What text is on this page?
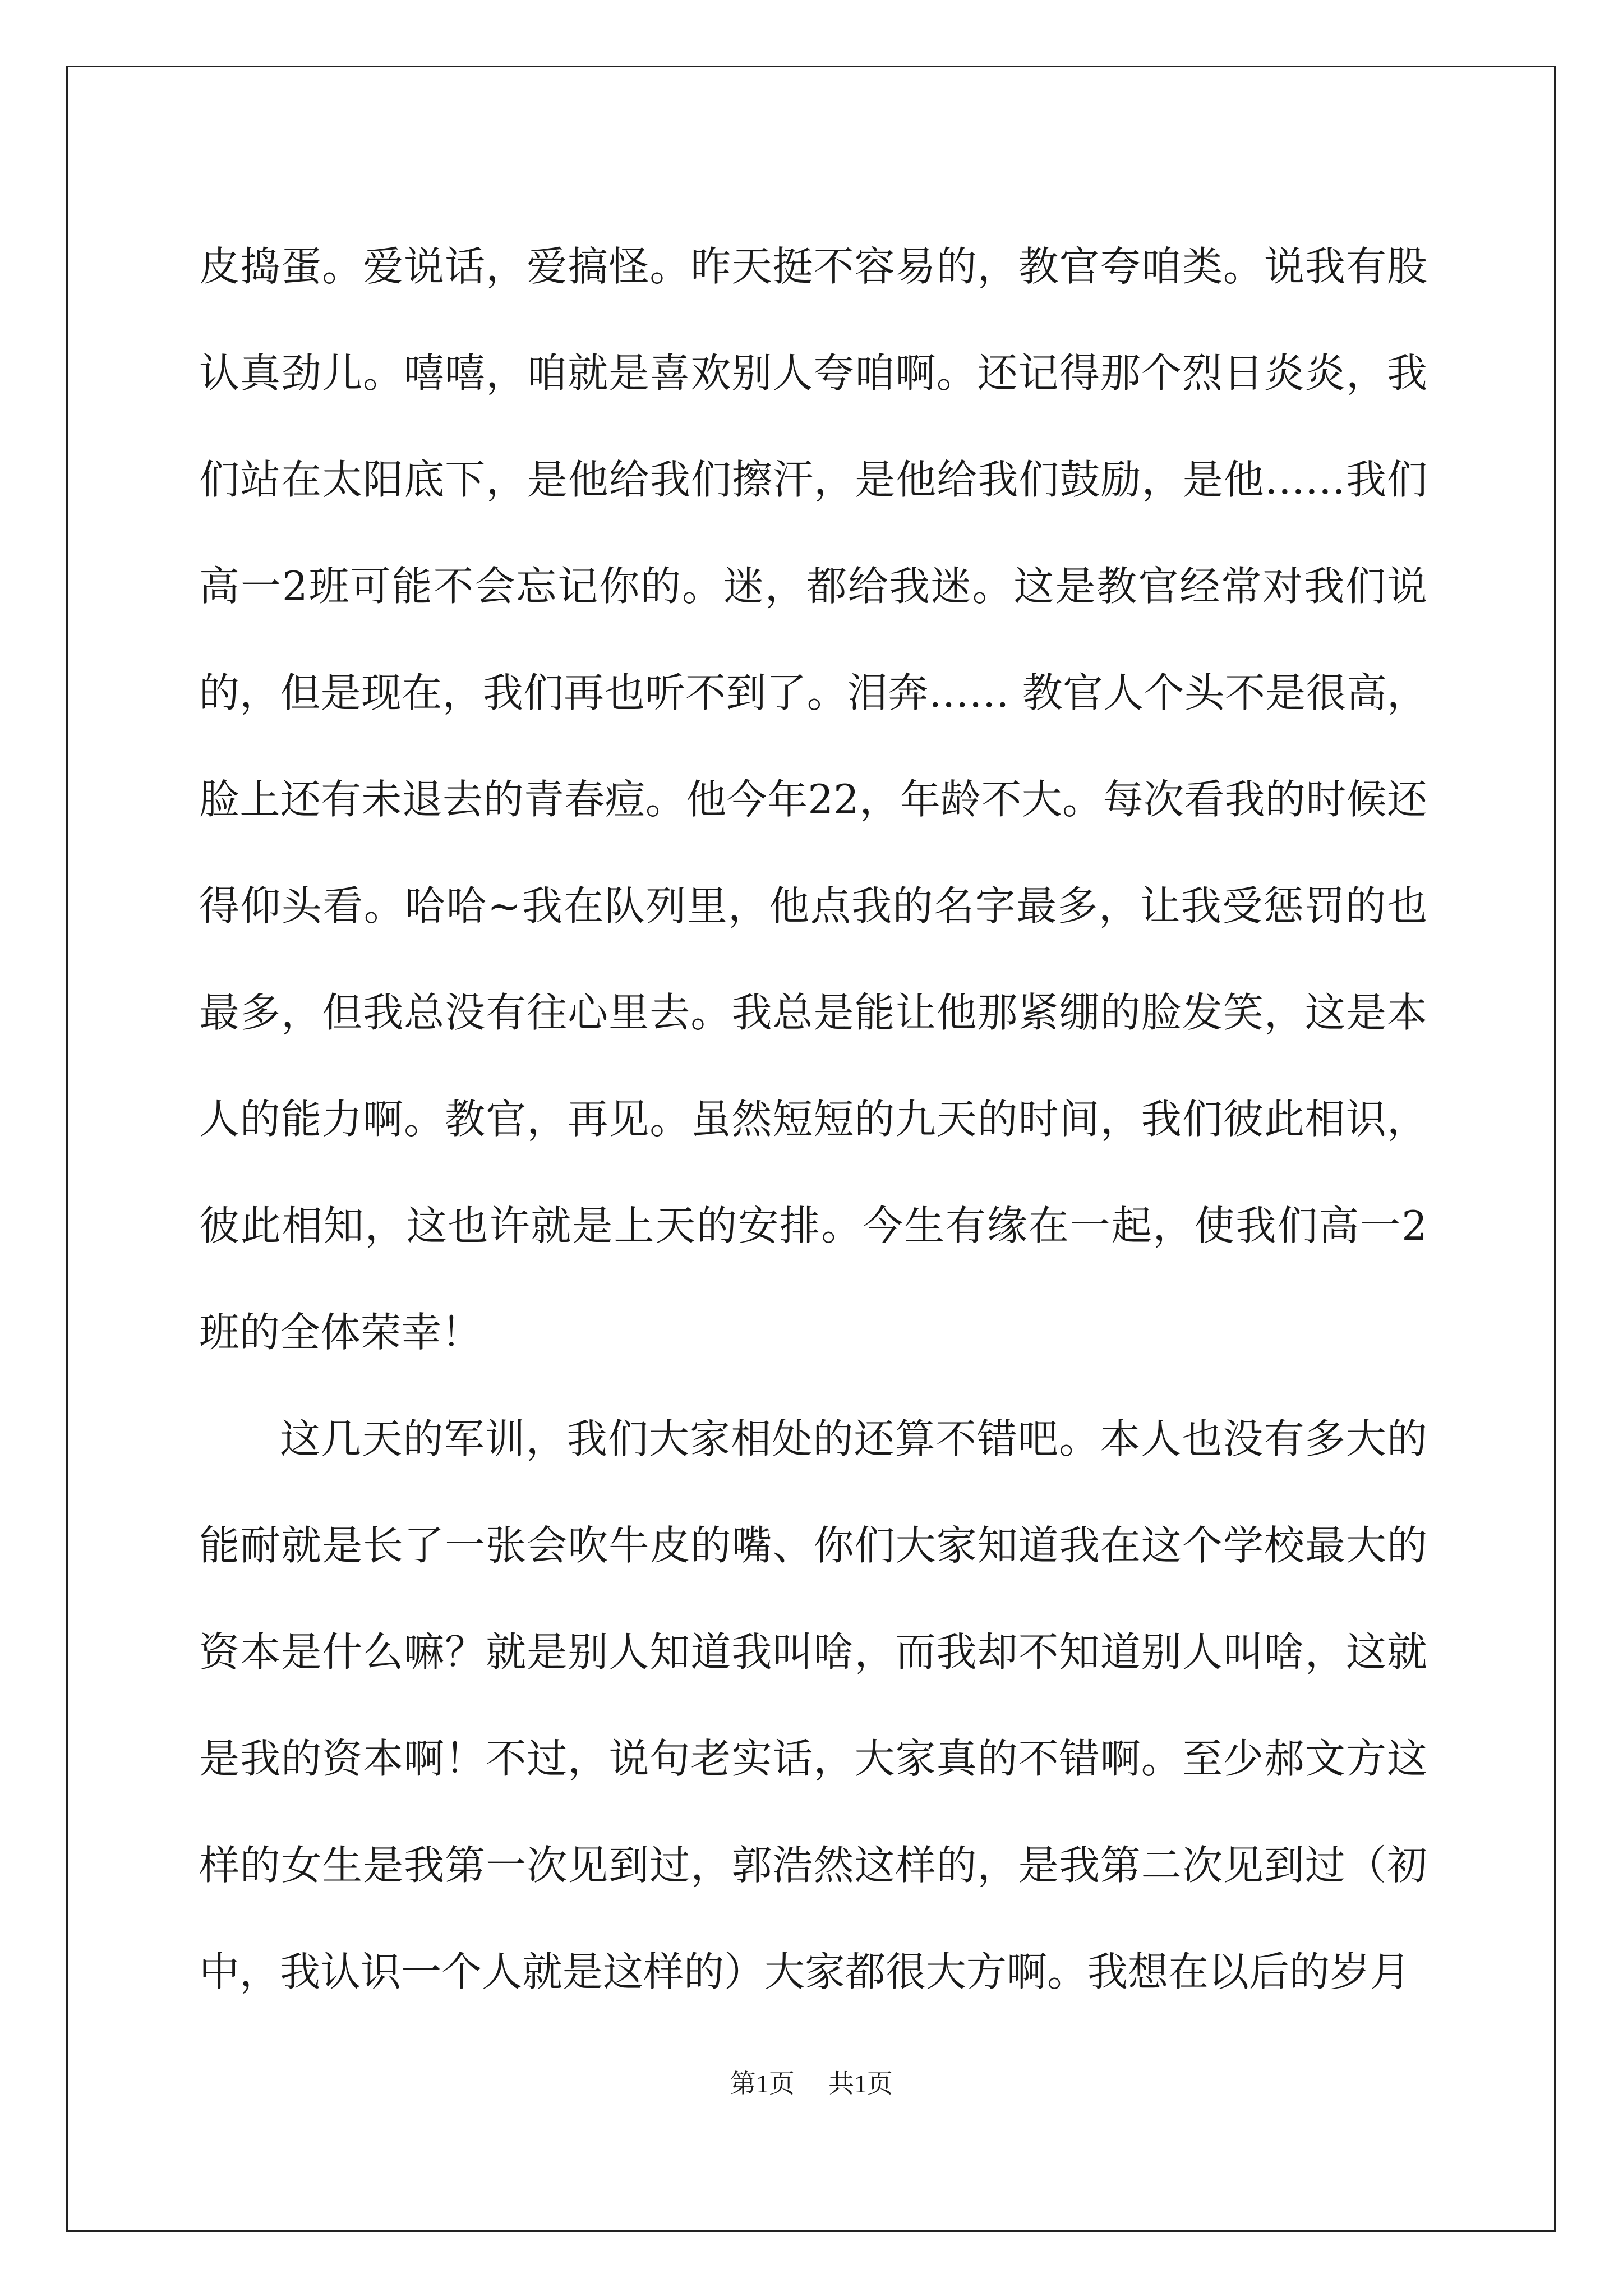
皮捣蛋。爱说话，爱搞怪。昨天挺不容易的，教官夸咱类。说我有股认真劲儿。嘻嘻，咱就是喜欢别人夸咱啊。还记得那个烈日炎炎，我们站在太阳底下，是他给我们擦汗，是他给我们鼓励，是他……我们高一2班可能不会忘记你的。迷，都给我迷。这是教官经常对我们说的，但是现在，我们再也听不到了。泪奔…… 教官人个头不是很高，脸上还有未退去的青春痘。他今年22，年龄不大。每次看我的时候还得仰头看。哈哈~我在队列里，他点我的名字最多，让我受惩罚的也最多，但我总没有往心里去。我总是能让他那紧绷的脸发笑，这是本人的能力啊。教官，再见。虽然短短的九天的时间，我们彼此相识，彼此相知，这也许就是上天的安排。今生有缘在一起，使我们高一2班的全体荣幸！

这几天的军训，我们大家相处的还算不错吧。本人也没有多大的能耐就是长了一张会吹牛皮的嘴、你们大家知道我在这个学校最大的资本是什么嘛？就是别人知道我叫啥，而我却不知道别人叫啥，这就是我的资本啊！不过，说句老实话，大家真的不错啊。至少郝文方这样的女生是我第一次见到过，郭浩然这样的，是我第二次见到过（初中，我认识一个人就是这样的）大家都很大方啊。我想在以后的岁月

第1页 共1页
